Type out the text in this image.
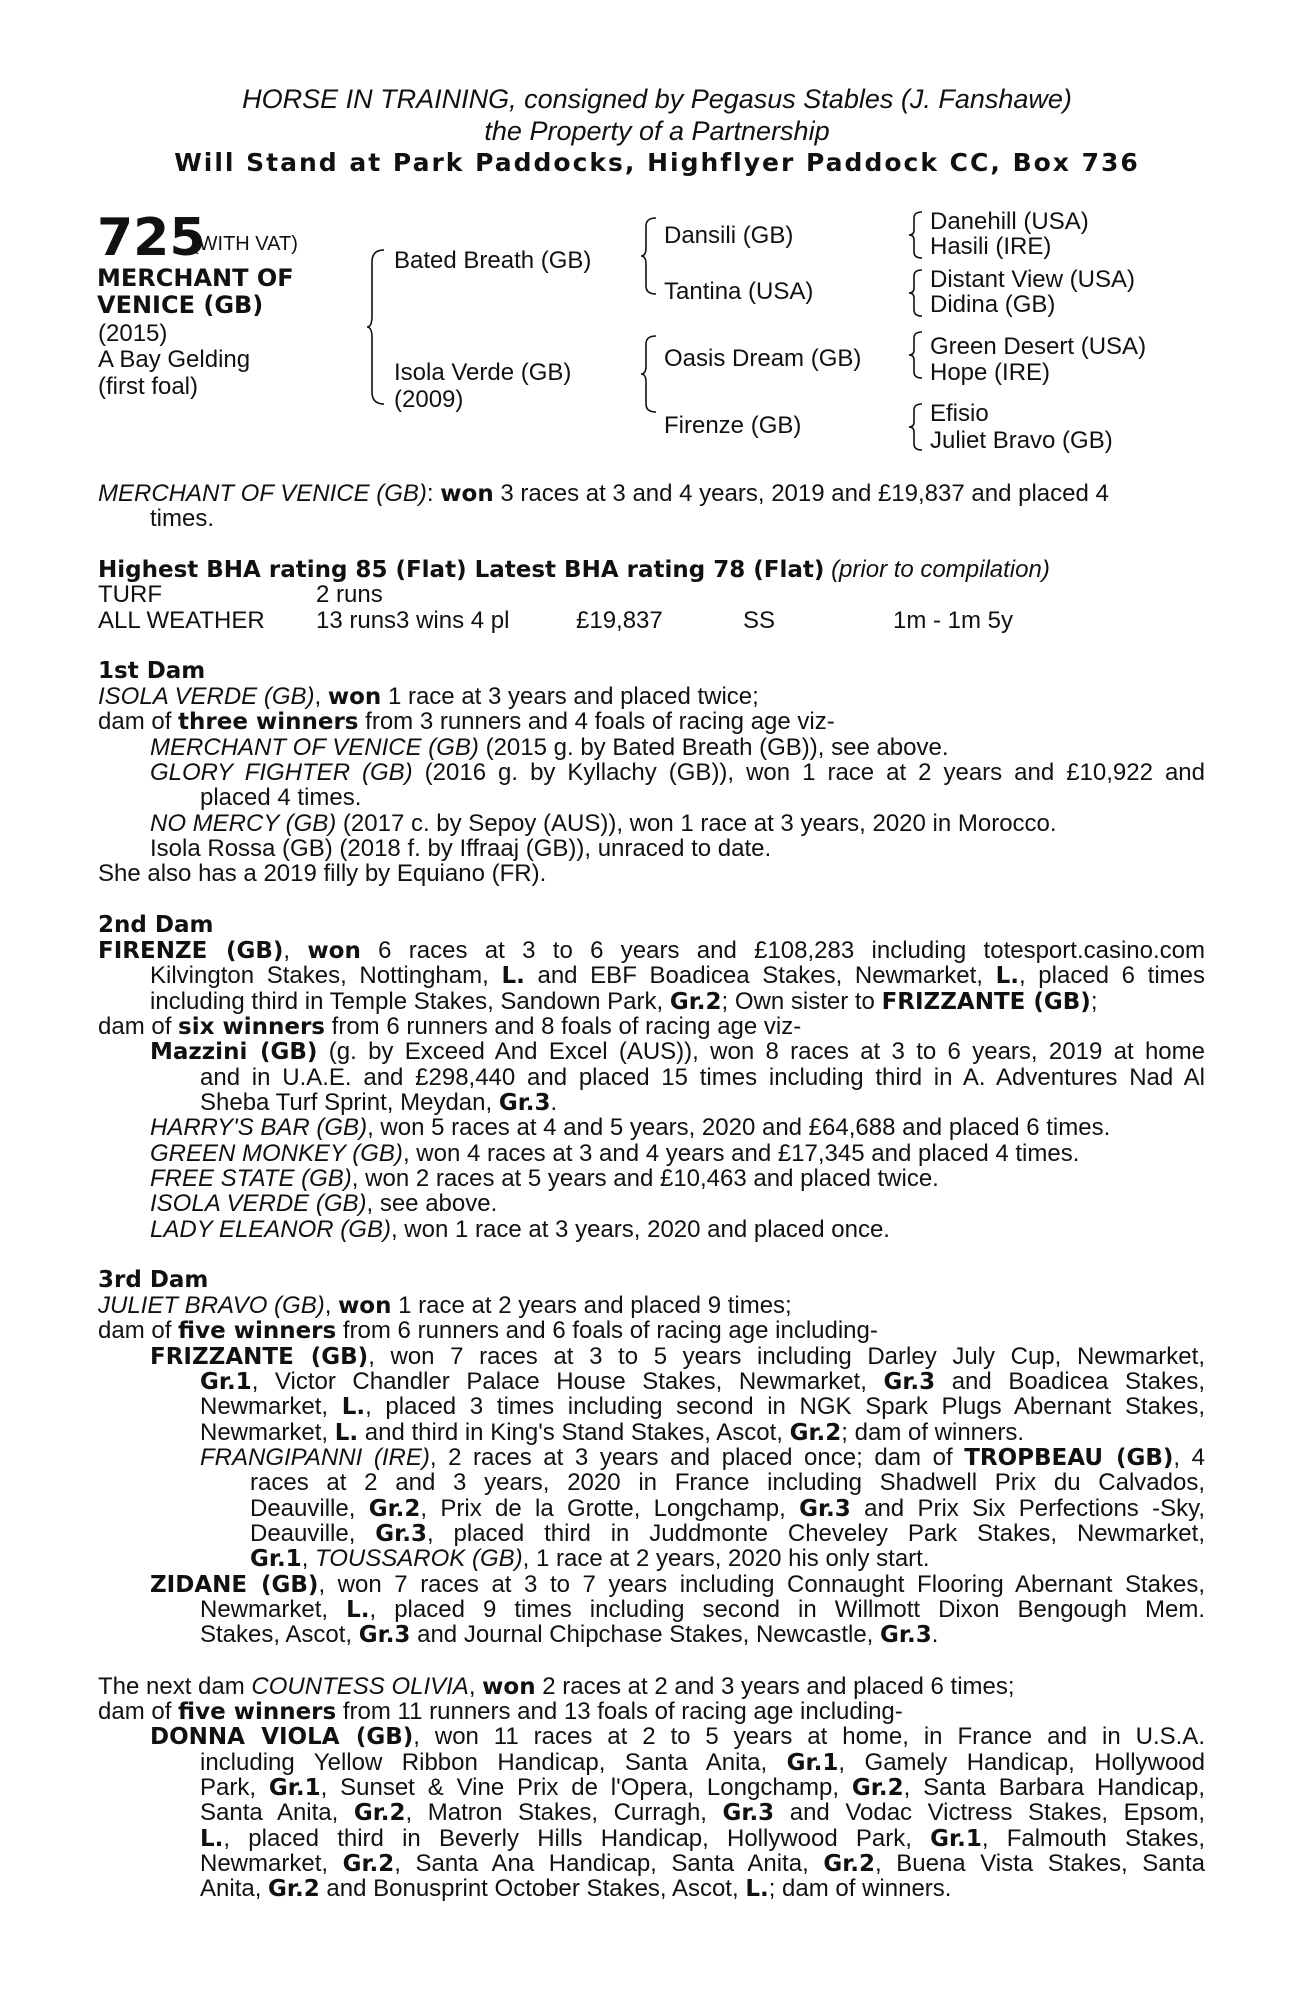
HORSE IN TRAINING, consigned by Pegasus Stables (J. Fanshawe)
the Property of a Partnership
Will Stand at Park Paddocks, Highflyer Paddock CC, Box 736
725
(WITH VAT)
MERCHANT OF
VENICE (GB)
(2015)
A Bay Gelding
(first foal)
Bated Breath (GB)
Isola Verde (GB)
(2009)
Dansili (GB)
Tantina (USA)
Oasis Dream (GB)
Firenze (GB)
Danehill (USA)
Hasili (IRE)
Distant View (USA)
Didina (GB)
Green Desert (USA)
Hope (IRE)
Efisio
Juliet Bravo (GB)
MERCHANT OF VENICE (GB): won 3 races at 3 and 4 years, 2019 and £19,837 and placed 4
times.
Highest BHA rating 85 (Flat) Latest BHA rating 78 (Flat) (prior to compilation)
TURF	2 runs
ALL WEATHER 13 runs3 wins 4 pl	£19,837	SS	1m - 1m 5y
1st Dam
ISOLA VERDE (GB), won 1 race at 3 years and placed twice;
dam of three winners from 3 runners and 4 foals of racing age viz-
MERCHANT OF VENICE (GB) (2015 g. by Bated Breath (GB)), see above.
GLORY FIGHTER (GB) (2016 g. by Kyllachy (GB)), won 1 race at 2 years and £10,922 and
placed 4 times.
NO MERCY (GB) (2017 c. by Sepoy (AUS)), won 1 race at 3 years, 2020 in Morocco.
Isola Rossa (GB) (2018 f. by Iffraaj (GB)), unraced to date.
She also has a 2019 filly by Equiano (FR).
2nd Dam
FIRENZE (GB), won 6 races at 3 to 6 years and £108,283 including totesport.casino.com
Kilvington Stakes, Nottingham, L. and EBF Boadicea Stakes, Newmarket, L., placed 6 times
including third in Temple Stakes, Sandown Park, Gr.2; Own sister to FRIZZANTE (GB);
dam of six winners from 6 runners and 8 foals of racing age viz-
Mazzini (GB) (g. by Exceed And Excel (AUS)), won 8 races at 3 to 6 years, 2019 at home
and in U.A.E. and £298,440 and placed 15 times including third in A. Adventures Nad Al
Sheba Turf Sprint, Meydan, Gr.3.
HARRY'S BAR (GB), won 5 races at 4 and 5 years, 2020 and £64,688 and placed 6 times.
GREEN MONKEY (GB), won 4 races at 3 and 4 years and £17,345 and placed 4 times.
FREE STATE (GB), won 2 races at 5 years and £10,463 and placed twice.
ISOLA VERDE (GB), see above.
LADY ELEANOR (GB), won 1 race at 3 years, 2020 and placed once.
3rd Dam
JULIET BRAVO (GB), won 1 race at 2 years and placed 9 times;
dam of five winners from 6 runners and 6 foals of racing age including-
FRIZZANTE (GB), won 7 races at 3 to 5 years including Darley July Cup, Newmarket,
Gr.1, Victor Chandler Palace House Stakes, Newmarket, Gr.3 and Boadicea Stakes,
Newmarket, L., placed 3 times including second in NGK Spark Plugs Abernant Stakes,
Newmarket, L. and third in King's Stand Stakes, Ascot, Gr.2; dam of winners.
FRANGIPANNI (IRE), 2 races at 3 years and placed once; dam of TROPBEAU (GB), 4
races at 2 and 3 years, 2020 in France including Shadwell Prix du Calvados,
Deauville, Gr.2, Prix de la Grotte, Longchamp, Gr.3 and Prix Six Perfections -Sky,
Deauville, Gr.3, placed third in Juddmonte Cheveley Park Stakes, Newmarket,
Gr.1, TOUSSAROK (GB), 1 race at 2 years, 2020 his only start.
ZIDANE (GB), won 7 races at 3 to 7 years including Connaught Flooring Abernant Stakes,
Newmarket, L., placed 9 times including second in Willmott Dixon Bengough Mem.
Stakes, Ascot, Gr.3 and Journal Chipchase Stakes, Newcastle, Gr.3.
The next dam COUNTESS OLIVIA, won 2 races at 2 and 3 years and placed 6 times;
dam of five winners from 11 runners and 13 foals of racing age including-
DONNA VIOLA (GB), won 11 races at 2 to 5 years at home, in France and in U.S.A.
including Yellow Ribbon Handicap, Santa Anita, Gr.1, Gamely Handicap, Hollywood
Park, Gr.1, Sunset & Vine Prix de l'Opera, Longchamp, Gr.2, Santa Barbara Handicap,
Santa Anita, Gr.2, Matron Stakes, Curragh, Gr.3 and Vodac Victress Stakes, Epsom,
L., placed third in Beverly Hills Handicap, Hollywood Park, Gr.1, Falmouth Stakes,
Newmarket, Gr.2, Santa Ana Handicap, Santa Anita, Gr.2, Buena Vista Stakes, Santa
Anita, Gr.2 and Bonusprint October Stakes, Ascot, L.; dam of winners.
